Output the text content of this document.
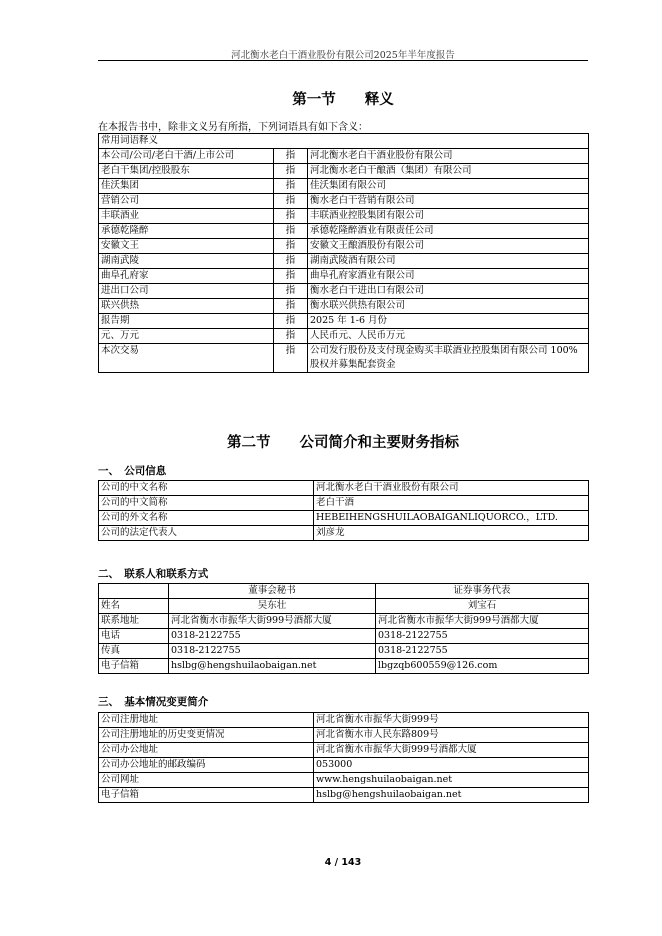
河北衡水老白干酒业股份有限公司2025年半年度报告
第一节　　释义
在本报告书中，除非文义另有所指，下列词语具有如下含义：
常用词语释义		
本公司/公司/老白干酒/上市公司	指	河北衡水老白干酒业股份有限公司
老白干集团/控股股东	指	河北衡水老白干酿酒（集团）有限公司
佳沃集团	指	佳沃集团有限公司
营销公司	指	衡水老白干营销有限公司
丰联酒业	指	丰联酒业控股集团有限公司
承德乾隆醉	指	承德乾隆醉酒业有限责任公司
安徽文王	指	安徽文王酿酒股份有限公司
湖南武陵	指	湖南武陵酒有限公司
曲阜孔府家	指	曲阜孔府家酒业有限公司
进出口公司	指	衡水老白干进出口有限公司
联兴供热	指	衡水联兴供热有限公司
报告期	指	2025 年 1-6 月份
元、万元	指	人民币元、人民币万元
本次交易	指	公司发行股份及支付现金购买丰联酒业控股集团有限公司 100%股权并募集配套资金
第二节　　公司简介和主要财务指标
一、　公司信息
公司的中文名称	河北衡水老白干酒业股份有限公司
公司的中文简称	老白干酒
公司的外文名称	HEBEIHENGSHUILAOBAIGANLIQUORCO.，LTD.
公司的法定代表人	刘彦龙
二、　联系人和联系方式
	董事会秘书	证券事务代表
姓名	吴东壮	刘宝石
联系地址	河北省衡水市振华大街999号酒都大厦	河北省衡水市振华大街999号酒都大厦
电话	0318-2122755	0318-2122755
传真	0318-2122755	0318-2122755
电子信箱	hslbg@hengshuilaobaigan.net	lbgzqb600559@126.com
三、　基本情况变更简介
公司注册地址	河北省衡水市振华大街999号
公司注册地址的历史变更情况	河北省衡水市人民东路809号
公司办公地址	河北省衡水市振华大街999号酒都大厦
公司办公地址的邮政编码	053000
公司网址	www.hengshuilaobaigan.net
电子信箱	hslbg@hengshuilaobaigan.net
4 / 143
